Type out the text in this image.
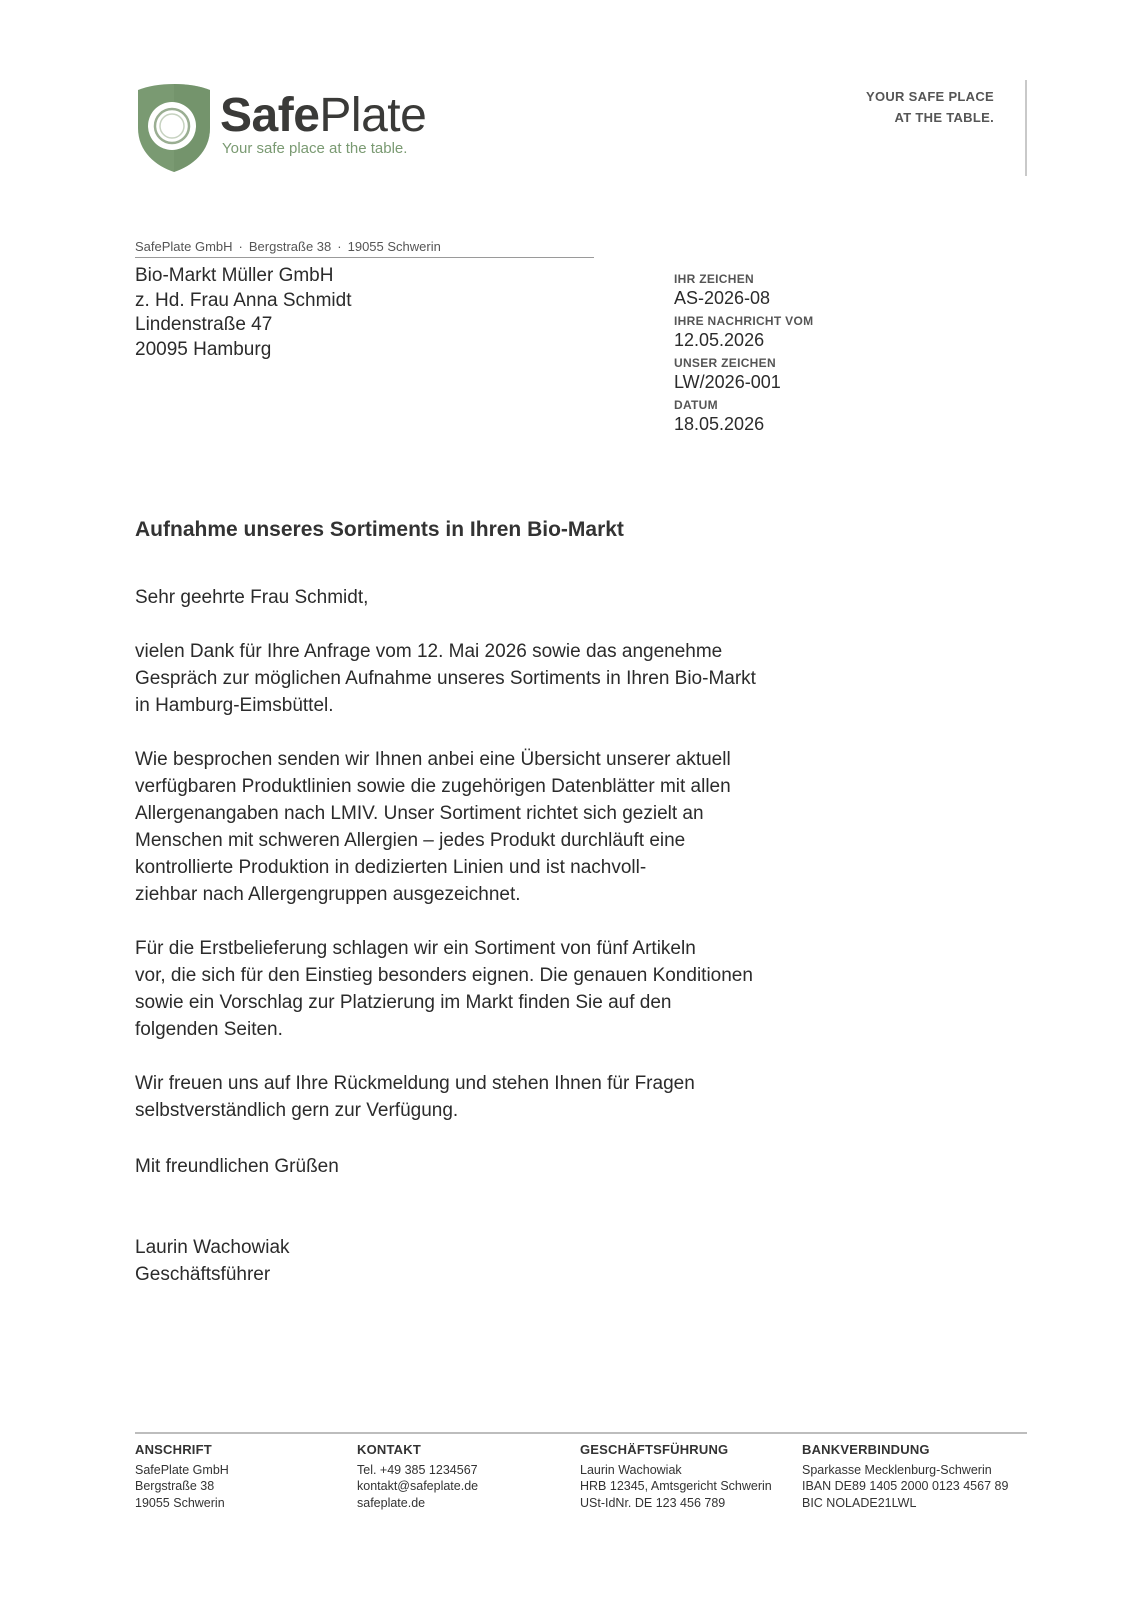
SafePlate
Your safe place at the table.
YOUR SAFE PLACE
AT THE TABLE.
SafePlate GmbH · Bergstraße 38 · 19055 Schwerin
Bio-Markt Müller GmbH
z. Hd. Frau Anna Schmidt
Lindenstraße 47
20095 Hamburg
IHR ZEICHEN
AS-2026-08
IHRE NACHRICHT VOM
12.05.2026
UNSER ZEICHEN
LW/2026-001
DATUM
18.05.2026
Aufnahme unseres Sortiments in Ihren Bio-Markt

Sehr geehrte Frau Schmidt,

vielen Dank für Ihre Anfrage vom 12. Mai 2026 sowie das angenehme
Gespräch zur möglichen Aufnahme unseres Sortiments in Ihren Bio-Markt
in Hamburg-Eimsbüttel.

Wie besprochen senden wir Ihnen anbei eine Übersicht unserer aktuell
verfügbaren Produktlinien sowie die zugehörigen Datenblätter mit allen
Allergenangaben nach LMIV. Unser Sortiment richtet sich gezielt an
Menschen mit schweren Allergien – jedes Produkt durchläuft eine
kontrollierte Produktion in dedizierten Linien und ist nachvoll-
ziehbar nach Allergengruppen ausgezeichnet.

Für die Erstbelieferung schlagen wir ein Sortiment von fünf Artikeln
vor, die sich für den Einstieg besonders eignen. Die genauen Konditionen
sowie ein Vorschlag zur Platzierung im Markt finden Sie auf den
folgenden Seiten.

Wir freuen uns auf Ihre Rückmeldung und stehen Ihnen für Fragen
selbstverständlich gern zur Verfügung.

Mit freundlichen Grüßen
Laurin Wachowiak
Geschäftsführer
ANSCHRIFT
SafePlate GmbH
Bergstraße 38
19055 Schwerin
KONTAKT
Tel. +49 385 1234567
kontakt@safeplate.de
safeplate.de
GESCHÄFTSFÜHRUNG
Laurin Wachowiak
HRB 12345, Amtsgericht Schwerin
USt-IdNr. DE 123 456 789
BANKVERBINDUNG
Sparkasse Mecklenburg-Schwerin
IBAN DE89 1405 2000 0123 4567 89
BIC NOLADE21LWL
